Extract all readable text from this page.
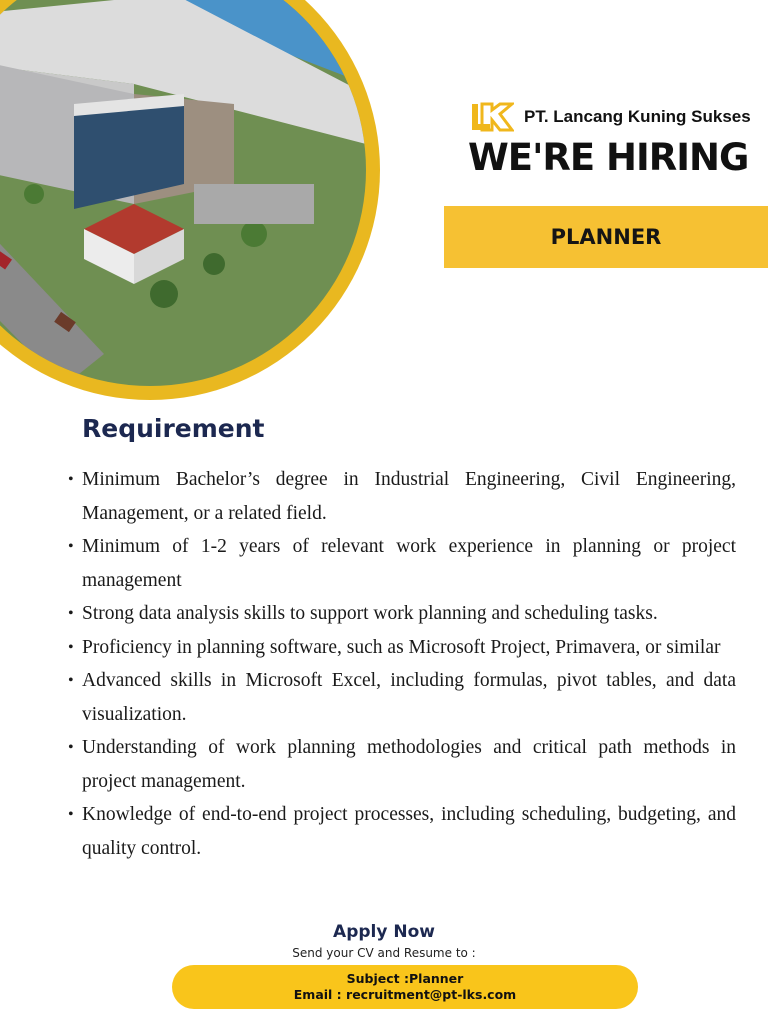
PT. Lancang Kuning Sukses
WE'RE HIRING
PLANNER
Requirement
• Minimum Bachelor’s degree in Industrial Engineering, Civil Engineering, Management, or a related field.
• Minimum of 1-2 years of relevant work experience in planning or project management
• Strong data analysis skills to support work planning and scheduling tasks.
• Proficiency in planning software, such as Microsoft Project, Primavera, or similar
• Advanced skills in Microsoft Excel, including formulas, pivot tables, and data visualization.
• Understanding of work planning methodologies and critical path methods in project management.
• Knowledge of end-to-end project processes, including scheduling, budgeting, and quality control.
Apply Now
Send your CV and Resume to :
Subject :Planner
Email : recruitment@pt-lks.com
